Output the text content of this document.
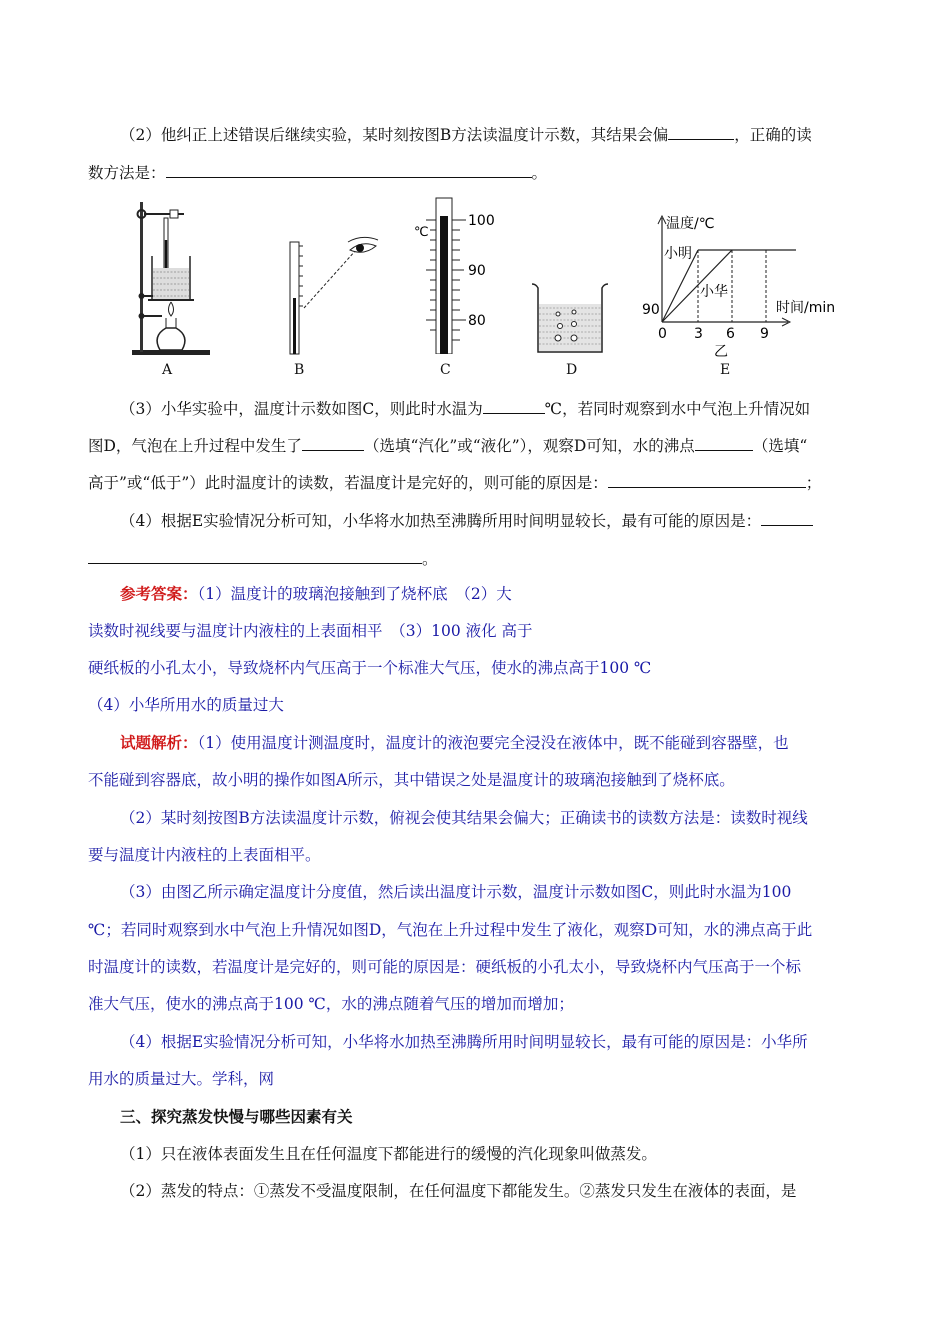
（2）他纠正上述错误后继续实验，某时刻按图B方法读温度计示数，其结果会偏	，正确的读
数方法是：	。
℃
100
90
80
温度/℃
时间/min
小明
小华
90
0 3 6 9
乙
A	B	C	D	E
（3）小华实验中，温度计示数如图C，则此时水温为	℃，若同时观察到水中气泡上升情况如
图D，气泡在上升过程中发生了	（选填“汽化”或“液化”），观察D可知，水的沸点	（选填“
高于”或“低于”）此时温度计的读数，若温度计是完好的，则可能的原因是：	；
（4）根据E实验情况分析可知，小华将水加热至沸腾所用时间明显较长，最有可能的原因是：
。
参考答案：（1）温度计的玻璃泡接触到了烧杯底　（2）大
读数时视线要与温度计内液柱的上表面相平　（3）100 液化 高于
硬纸板的小孔太小，导致烧杯内气压高于一个标准大气压，使水的沸点高于100 ℃
（4）小华所用水的质量过大
试题解析：（1）使用温度计测温度时，温度计的液泡要完全浸没在液体中，既不能碰到容器壁，也
不能碰到容器底，故小明的操作如图A所示，其中错误之处是温度计的玻璃泡接触到了烧杯底。
（2）某时刻按图B方法读温度计示数，俯视会使其结果会偏大；正确读书的读数方法是：读数时视线
要与温度计内液柱的上表面相平。
（3）由图乙所示确定温度计分度值，然后读出温度计示数，温度计示数如图C，则此时水温为100
℃；若同时观察到水中气泡上升情况如图D，气泡在上升过程中发生了液化，观察D可知，水的沸点高于此
时温度计的读数，若温度计是完好的，则可能的原因是：硬纸板的小孔太小，导致烧杯内气压高于一个标
准大气压，使水的沸点高于100 ℃，水的沸点随着气压的增加而增加；
（4）根据E实验情况分析可知，小华将水加热至沸腾所用时间明显较长，最有可能的原因是：小华所
用水的质量过大。学科，网
三、探究蒸发快慢与哪些因素有关
（1）只在液体表面发生且在任何温度下都能进行的缓慢的汽化现象叫做蒸发。
（2）蒸发的特点：①蒸发不受温度限制，在任何温度下都能发生。②蒸发只发生在液体的表面，是
